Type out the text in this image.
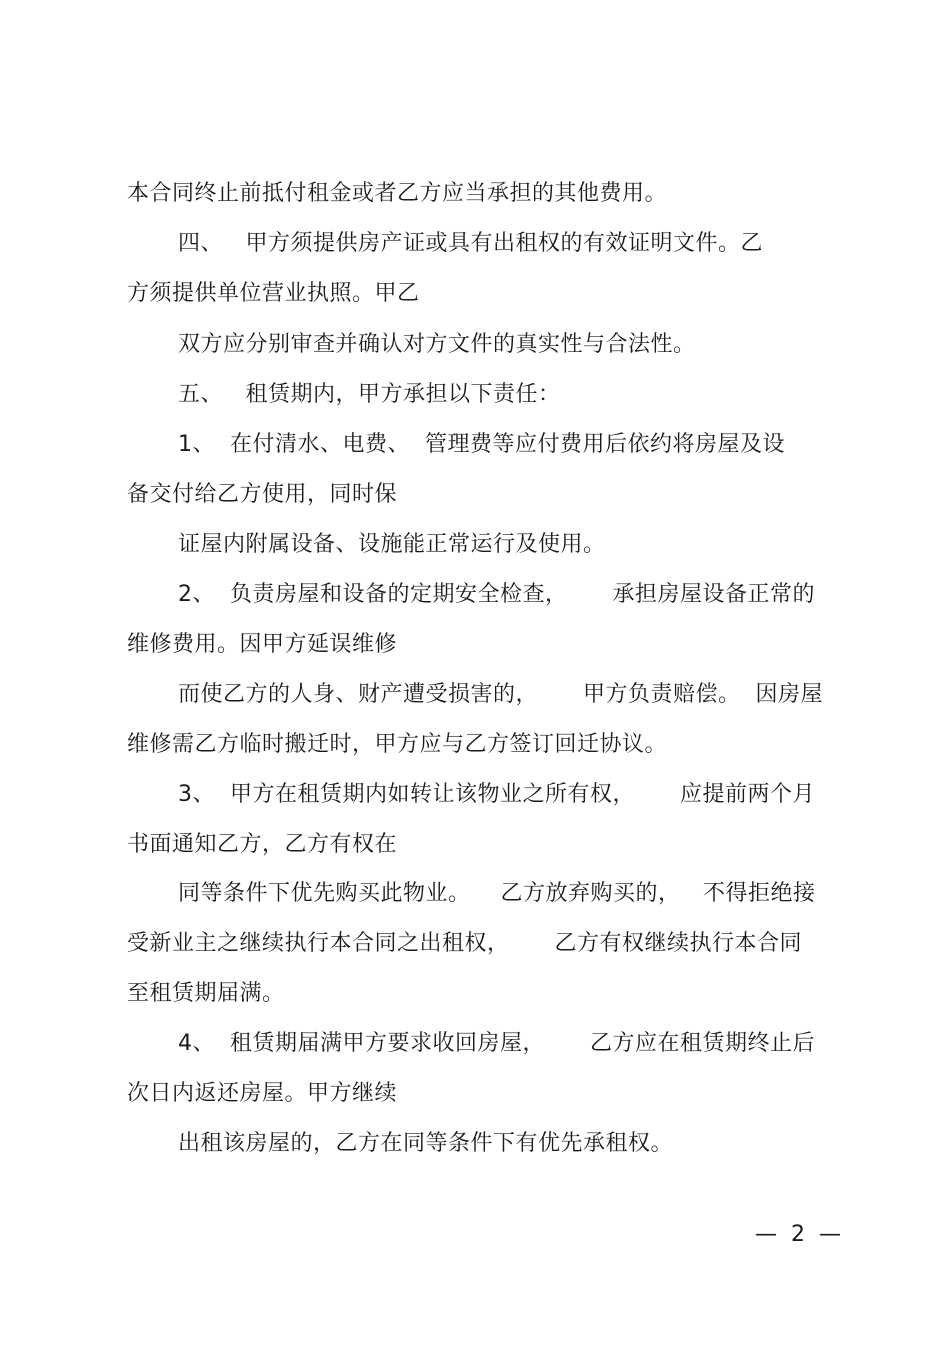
本合同终止前抵付租金或者乙方应当承担的其他费用。
四、   甲方须提供房产证或具有出租权的有效证明文件。乙
方须提供单位营业执照。甲乙
双方应分别审查并确认对方文件的真实性与合法性。
五、   租赁期内，甲方承担以下责任：
1、  在付清水、电费、  管理费等应付费用后依约将房屋及设
备交付给乙方使用，同时保
证屋内附属设备、设施能正常运行及使用。
2、  负责房屋和设备的定期安全检查，      承担房屋设备正常的
维修费用。因甲方延误维修
而使乙方的人身、财产遭受损害的，      甲方负责赔偿。  因房屋
维修需乙方临时搬迁时，甲方应与乙方签订回迁协议。
3、  甲方在租赁期内如转让该物业之所有权，      应提前两个月
书面通知乙方，乙方有权在
同等条件下优先购买此物业。    乙方放弃购买的，   不得拒绝接
受新业主之继续执行本合同之出租权，      乙方有权继续执行本合同
至租赁期届满。
4、  租赁期届满甲方要求收回房屋，      乙方应在租赁期终止后
次日内返还房屋。甲方继续
出租该房屋的，乙方在同等条件下有优先承租权。
—  2  —
